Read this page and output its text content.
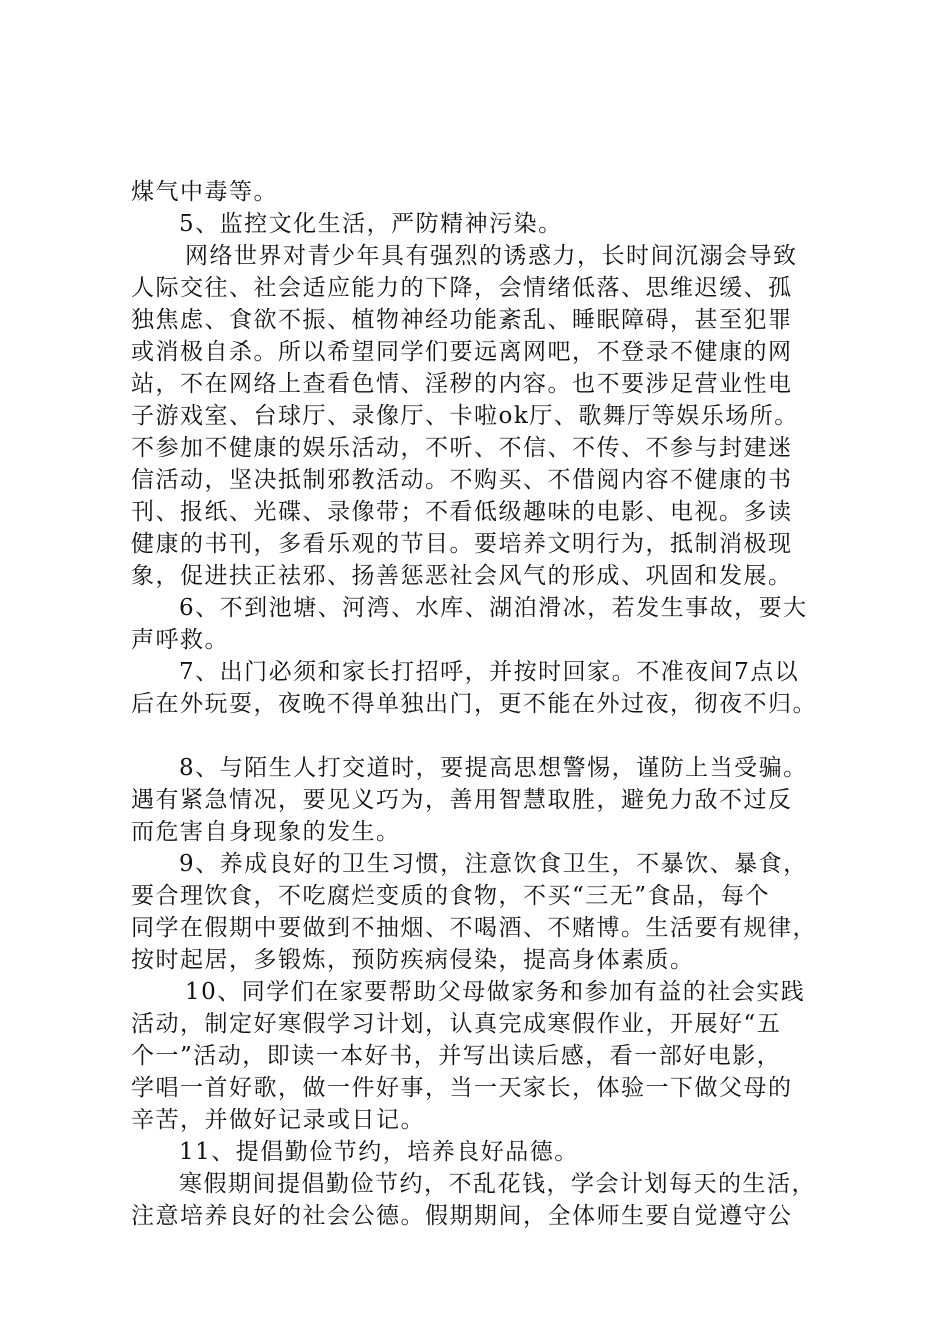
煤气中毒等。
5、监控文化生活，严防精神污染。
网络世界对青少年具有强烈的诱惑力，长时间沉溺会导致
人际交往、社会适应能力的下降，会情绪低落、思维迟缓、孤
独焦虑、食欲不振、植物神经功能紊乱、睡眠障碍，甚至犯罪
或消极自杀。所以希望同学们要远离网吧，不登录不健康的网
站，不在网络上查看色情、淫秽的内容。也不要涉足营业性电
子游戏室、台球厅、录像厅、卡啦ok厅、歌舞厅等娱乐场所。
不参加不健康的娱乐活动，不听、不信、不传、不参与封建迷
信活动，坚决抵制邪教活动。不购买、不借阅内容不健康的书
刊、报纸、光碟、录像带；不看低级趣味的电影、电视。多读
健康的书刊，多看乐观的节目。要培养文明行为，抵制消极现
象，促进扶正祛邪、扬善惩恶社会风气的形成、巩固和发展。
6、不到池塘、河湾、水库、湖泊滑冰，若发生事故，要大
声呼救。
7、出门必须和家长打招呼，并按时回家。不准夜间7点以
后在外玩耍，夜晚不得单独出门，更不能在外过夜，彻夜不归。
8、与陌生人打交道时，要提高思想警惕，谨防上当受骗。
遇有紧急情况，要见义巧为，善用智慧取胜，避免力敌不过反
而危害自身现象的发生。
9、养成良好的卫生习惯，注意饮食卫生，不暴饮、暴食，
要合理饮食，不吃腐烂变质的食物，不买“三无”食品，每个
同学在假期中要做到不抽烟、不喝酒、不赌博。生活要有规律，
按时起居，多锻炼，预防疾病侵染，提高身体素质。
10、同学们在家要帮助父母做家务和参加有益的社会实践
活动，制定好寒假学习计划，认真完成寒假作业，开展好“五
个一”活动，即读一本好书，并写出读后感，看一部好电影，
学唱一首好歌，做一件好事，当一天家长，体验一下做父母的
辛苦，并做好记录或日记。
11、提倡勤俭节约，培养良好品德。
寒假期间提倡勤俭节约，不乱花钱，学会计划每天的生活，
注意培养良好的社会公德。假期期间，全体师生要自觉遵守公
